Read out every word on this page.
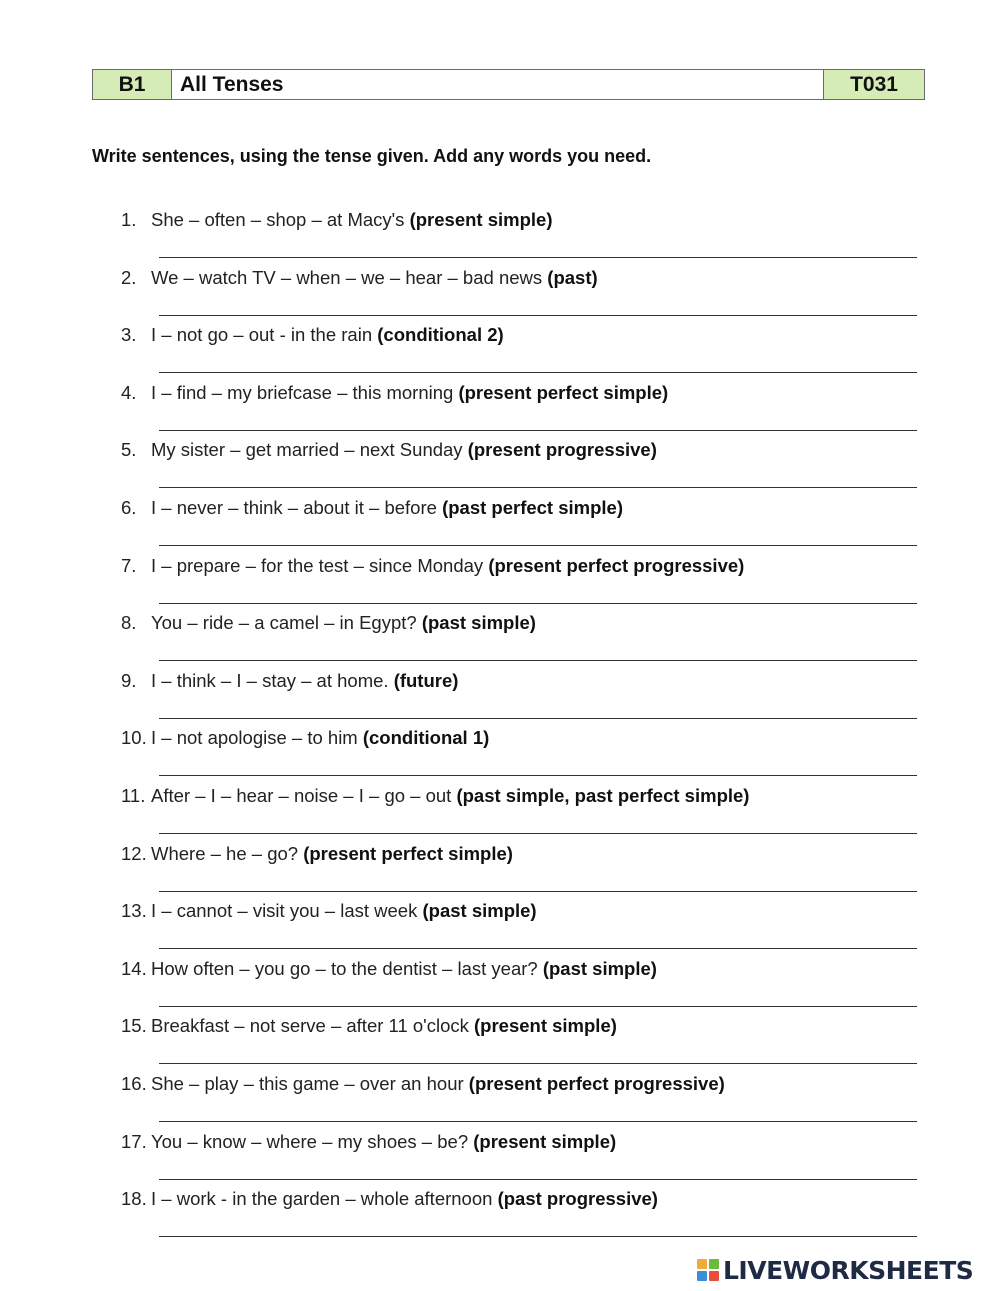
B1	All Tenses	T031
Write sentences, using the tense given. Add any words you need.
1. She – often – shop – at Macy's (present simple)
2. We – watch TV – when – we – hear – bad news (past)
3. I – not go – out - in the rain (conditional 2)
4. I – find – my briefcase – this morning (present perfect simple)
5. My sister – get married – next Sunday (present progressive)
6. I – never – think – about it – before (past perfect simple)
7. I – prepare – for the test – since Monday (present perfect progressive)
8. You – ride – a camel – in Egypt? (past simple)
9. I – think – I – stay – at home. (future)
10. I – not apologise – to him (conditional 1)
11. After – I – hear – noise – I – go – out (past simple, past perfect simple)
12. Where – he – go? (present perfect simple)
13. I – cannot – visit you – last week (past simple)
14. How often – you go – to the dentist – last year? (past simple)
15. Breakfast – not serve – after 11 o'clock (present simple)
16. She – play – this game – over an hour (present perfect progressive)
17. You – know – where – my shoes – be? (present simple)
18. I – work - in the garden – whole afternoon (past progressive)
LIVEWORKSHEETS
